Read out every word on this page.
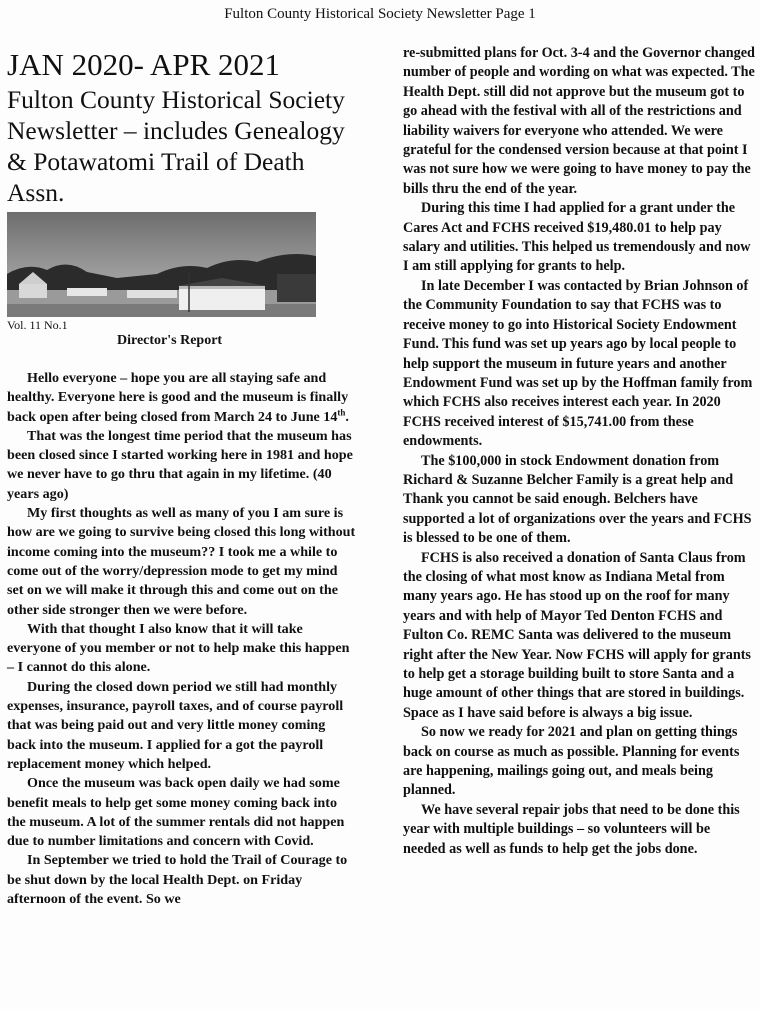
Fulton County Historical Society Newsletter Page 1
JAN 2020- APR 2021
Fulton County Historical Society Newsletter – includes Genealogy & Potawatomi Trail of Death Assn.
Vol. 11 No.1
Director's Report

Hello everyone – hope you are all staying safe and healthy. Everyone here is good and the museum is finally back open after being closed from March 24 to June 14th.

That was the longest time period that the museum has been closed since I started working here in 1981 and hope we never have to go thru that again in my lifetime. (40 years ago)

My first thoughts as well as many of you I am sure is how are we going to survive being closed this long without income coming into the museum?? I took me a while to come out of the worry/depression mode to get my mind set on we will make it through this and come out on the other side stronger then we were before.

With that thought I also know that it will take everyone of you member or not to help make this happen – I cannot do this alone.

During the closed down period we still had monthly expenses, insurance, payroll taxes, and of course payroll that was being paid out and very little money coming back into the museum. I applied for a got the payroll replacement money which helped.

Once the museum was back open daily we had some benefit meals to help get some money coming back into the museum. A lot of the summer rentals did not happen due to number limitations and concern with Covid.

In September we tried to hold the Trail of Courage to be shut down by the local Health Dept. on Friday afternoon of the event. So we

re-submitted plans for Oct. 3-4 and the Governor changed number of people and wording on what was expected. The Health Dept. still did not approve but the museum got to go ahead with the festival with all of the restrictions and liability waivers for everyone who attended. We were grateful for the condensed version because at that point I was not sure how we were going to have money to pay the bills thru the end of the year.

During this time I had applied for a grant under the Cares Act and FCHS received $19,480.01 to help pay salary and utilities. This helped us tremendously and now I am still applying for grants to help.

In late December I was contacted by Brian Johnson of the Community Foundation to say that FCHS was to receive money to go into Historical Society Endowment Fund. This fund was set up years ago by local people to help support the museum in future years and another Endowment Fund was set up by the Hoffman family from which FCHS also receives interest each year. In 2020 FCHS received interest of $15,741.00 from these endowments.

The $100,000 in stock Endowment donation from Richard & Suzanne Belcher Family is a great help and Thank you cannot be said enough. Belchers have supported a lot of organizations over the years and FCHS is blessed to be one of them.

FCHS is also received a donation of Santa Claus from the closing of what most know as Indiana Metal from many years ago. He has stood up on the roof for many years and with help of Mayor Ted Denton FCHS and Fulton Co. REMC Santa was delivered to the museum right after the New Year. Now FCHS will apply for grants to help get a storage building built to store Santa and a huge amount of other things that are stored in buildings. Space as I have said before is always a big issue.

So now we ready for 2021 and plan on getting things back on course as much as possible. Planning for events are happening, mailings going out, and meals being planned.

We have several repair jobs that need to be done this year with multiple buildings – so volunteers will be needed as well as funds to help get the jobs done.
